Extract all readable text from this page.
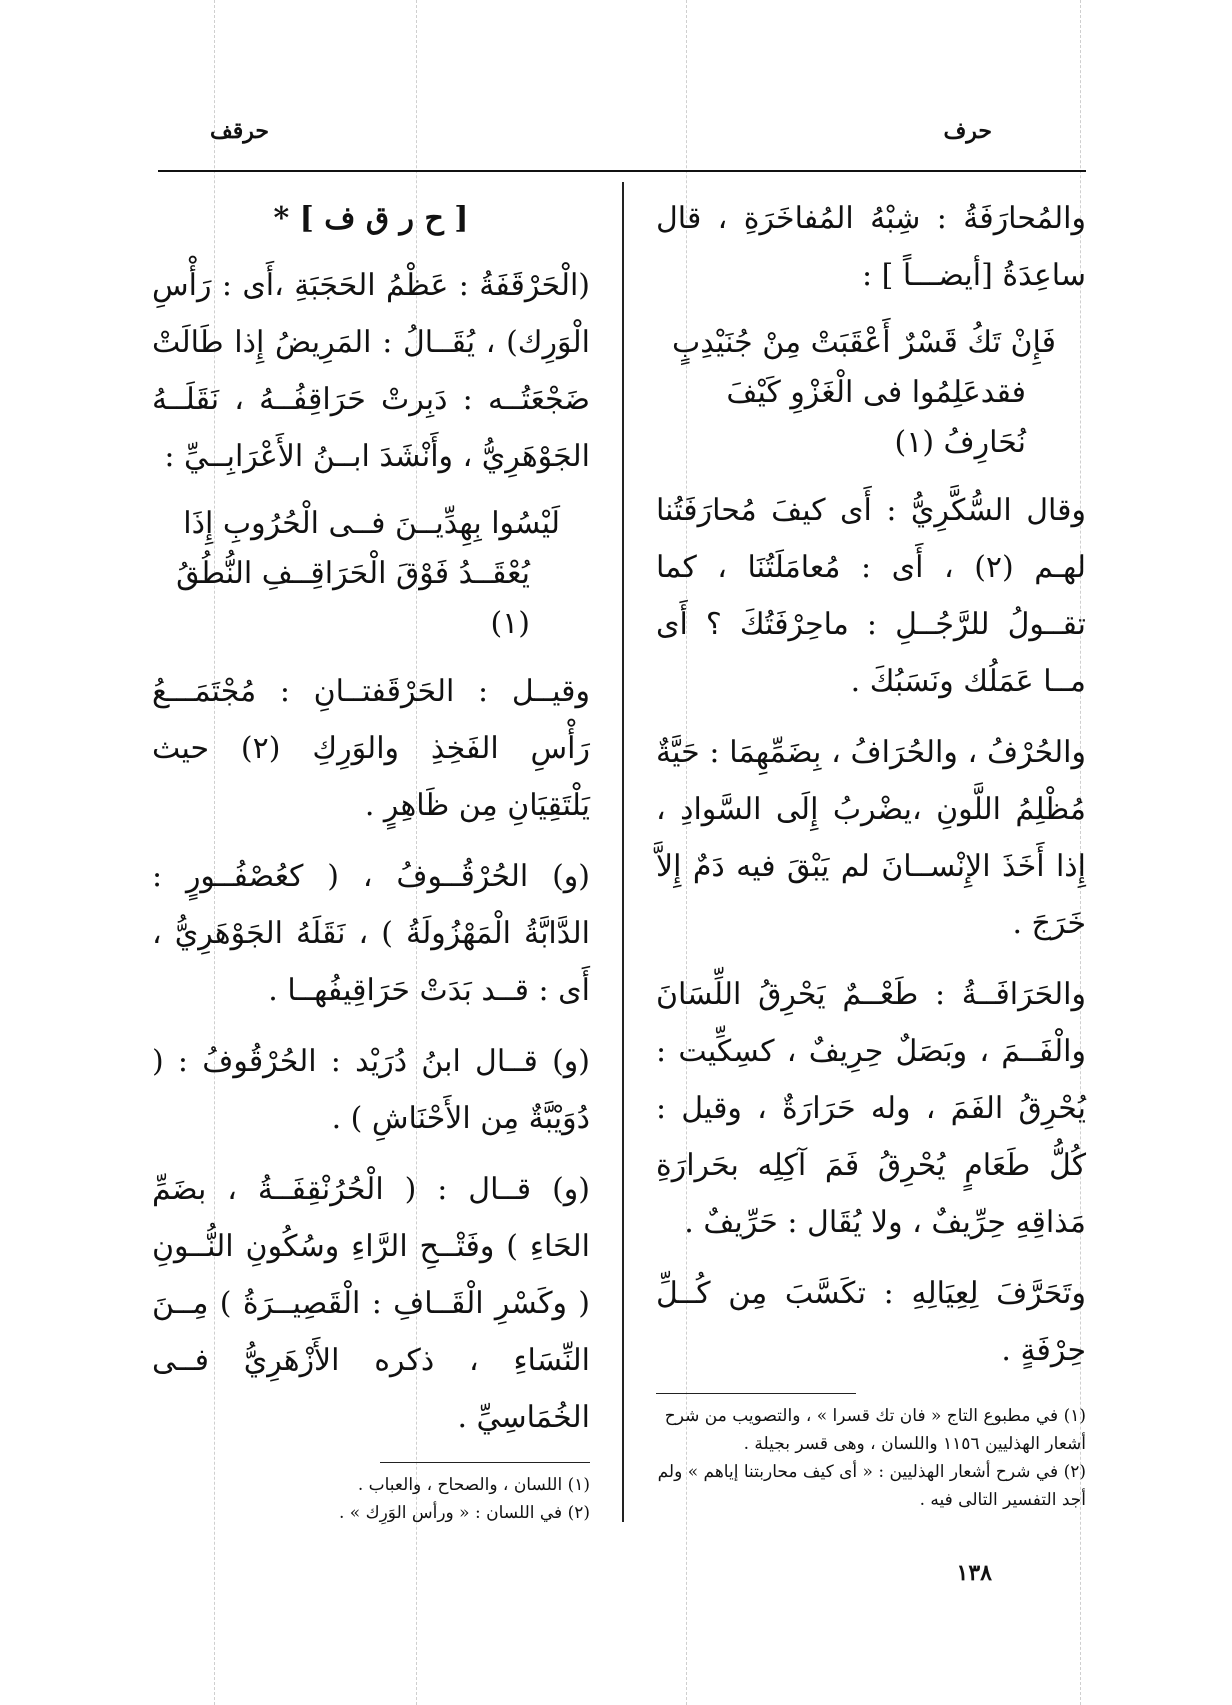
حرف
حرقف

والمُحارَفَةُ : شِبْهُ المُفاخَرَةِ ، قال ساعِدَةُ [أيضـــاً ] :

فَإِنْ تَكُ قَسْرٌ أَعْقَبَتْ مِنْ جُنَيْدِبٍ
فقدعَلِمُوا فى الْغَزْوِ كَيْفَ نُحَارِفُ (١)

وقال السُّكَّرِيُّ : أَى كيفَ مُحارَفَتُنا لهـم (٢) ، أَى : مُعامَلَتُنَا ، كما تقــولُ للرَّجُــلِ : ماحِرْفَتُكَ ؟ أَى مــا عَمَلُك ونَسَبُكَ .

والحُرْفُ ، والحُرَافُ ، بِضَمِّهِمَا : حَيَّةٌ مُظْلِمُ اللَّونِ ،يضْربُ إِلَى السَّوادِ ، إِذا أَخَذَ الإِنْســانَ لم يَبْقَ فيه دَمٌ إِلاَّ خَرَجَ .

والحَرَافَــةُ : طَعْــمٌ يَحْرِقُ اللِّسَانَ والْفَــمَ ، وبَصَلٌ حِرِيفٌ ، كسِكِّيت : يُحْرِقُ الفَمَ ، وله حَرَارَةٌ ، وقيل : كُلُّ طَعَامٍ يُحْرِقُ فَمَ آكِلِه بحَرارَةِ مَذاقِهِ حِرِّيفٌ ، ولا يُقَال : حَرِّيفٌ .

وتَحَرَّفَ لِعِيَالِهِ : تكَسَّبَ مِن كُــلِّ حِرْفَةٍ .

(١) في مطبوع التاج « فان تك قسرا » ، والتصويب من شرح أشعار الهذليين ١١٥٦ واللسان ، وهى قسر بجيلة .

(٢) في شرح أشعار الهذليين : « أى كيف محاربتنا إياهم » ولم أجد التفسير التالى فيه .

[ ح ر ق ف ] *

(الْحَرْقَفَةُ : عَظْمُ الحَجَبَةِ ،أَى : رَأْسِ الْوَرِك) ، يُقَــالُ : المَرِيضُ إِذا طَالَتْ ضَجْعَتُــه : دَبِرتْ حَرَاقِفُــهُ ، نَقَلَــهُ الجَوْهَرِيُّ ، وأَنْشَدَ ابــنُ الأَعْرَابِــيِّ :

لَيْسُوا بِهِدِّيــنَ فــى الْحُرُوبِ إِذَا
يُعْقَــدُ فَوْقَ الْحَرَاقِــفِ النُّطُقُ (١)

وقيــل : الحَرْقَفتــانِ : مُجْتَمَـــعُ رَأْسِ الفَخِذِ والوَرِكِ (٢) حيث يَلْتَقِيَانِ مِن ظَاهِرٍ .

(و) الحُرْقُــوفُ ، ( كعُصْفُــورٍ : الدَّابَّةُ الْمَهْزُولَةُ ) ، نَقَلَهُ الجَوْهَرِيُّ ، أَى : قــد بَدَتْ حَرَاقِيفُهــا .

(و) قــال ابنُ دُرَيْد : الحُرْقُوفُ : ( دُوَيْبَّةٌ مِن الأَحْنَاشِ ) .

(و) قــال : ( الْحُرُنْقِفَــةُ ، بضَمِّ الحَاءِ ) وفَتْــحِ الرَّاءِ وسُكُونِ النُّــونِ ( وكَسْرِ الْقَــافِ : الْقَصِيــرَةُ ) مِــنَ النِّسَاءِ ، ذكره الأَزْهَرِيُّ فــى الخُمَاسِيِّ .

(١) اللسان ، والصحاح ، والعباب .

(٢) في اللسان : « ورأس الوَرِك » .

١٣٨
